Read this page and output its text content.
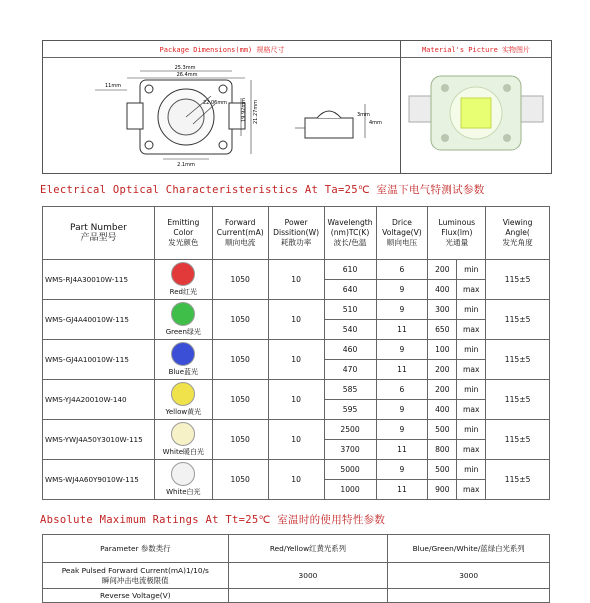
Package Dimensions(mm) 规格尺寸
25.3mm
11mm
26.4mm
22.06mm	21.27mm
19.92mm
2.1mm
3mm
4mm
Material's Picture 实物图片
Electrical Optical Characteristeristics At Ta=25℃ 室温下电气特测试参数
Part Number
产品型号	Emitting
Color
发光颜色	Forward
Current(mA)
顺向电流	Power
Dissition(W)
耗散功率	Wavelength
(nm)TC(K)
波长/色温	Drice
Voltage(V)
顺向电压	Luminous
Flux(lm)
光通量		Viewing
Angle(
发光角度
WMS-RJ4A30010W-115	Red红光	1050	10	610	6	200	min	115±5
				640	9	400	max	
WMS-GJ4A40010W-115	Green绿光	1050	10	510	9	300	min	115±5
				540	11	650	max	
WMS-GJ4A10010W-115	Blue蓝光	1050	10	460	9	100	min	115±5
				470	11	200	max	
WMS-YJ4A20010W-140	Yellow黄光	1050	10	585	6	200	min	115±5
				595	9	400	max	
WMS-YWJ4A50Y3010W-115	White暖白光	1050	10	2500	9	500	min	115±5
				3700	11	800	max	
WMS-WJ4A60Y9010W-115	White白光	1050	10	5000	9	500	min	115±5
				1000	11	900	max	
Absolute Maximum Ratings At Tt=25℃ 室温时的使用特性参数
Parameter 参数类行	Red/Yellow红黄光系列	Blue/Green/White/蓝绿白光系列
Peak Pulsed Forward Current(mA)1/10/s
瞬间冲击电流极限值	3000	3000
Reverse Voltage(V)		
